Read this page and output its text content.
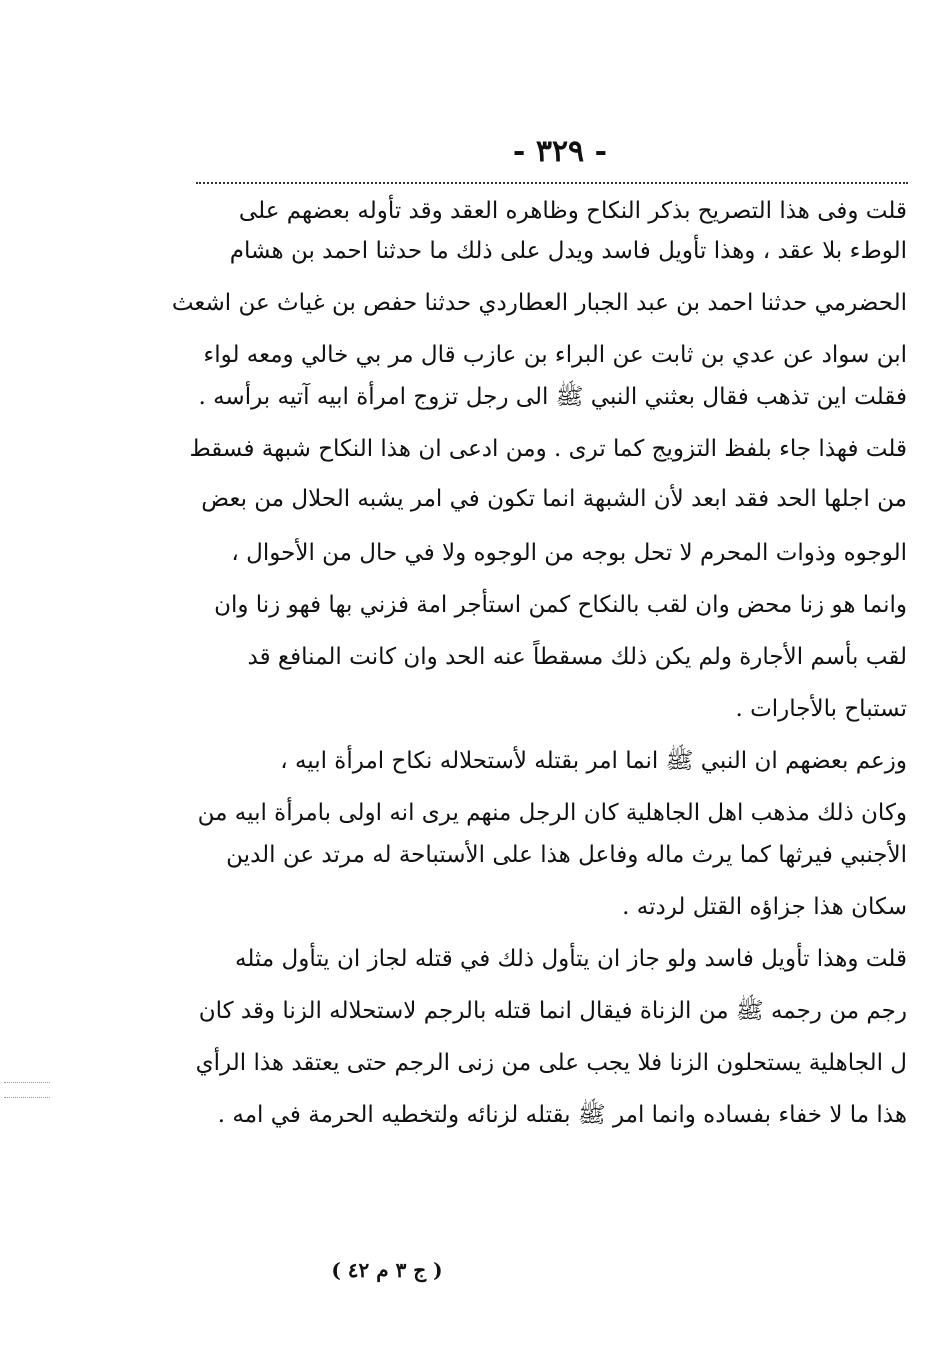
- ٣٢٩ -
قلت وفى هذا التصريح بذكر النكاح وظاهره العقد وقد تأوله بعضهم على
الوطء بلا عقد ، وهذا تأويل فاسد ويدل على ذلك ما حدثنا احمد بن هشام
الحضرمي حدثنا احمد بن عبد الجبار العطاردي حدثنا حفص بن غياث عن اشعث
ابن سواد عن عدي بن ثابت عن البراء بن عازب قال مر بي خالي ومعه لواء
فقلت اين تذهب فقال بعثني النبي ﷺ الى رجل تزوج امرأة ابيه آتيه برأسه .
قلت فهذا جاء بلفظ التزويج كما ترى . ومن ادعى ان هذا النكاح شبهة فسقط
من اجلها الحد فقد ابعد لأن الشبهة انما تكون في امر يشبه الحلال من بعض
الوجوه وذوات المحرم لا تحل بوجه من الوجوه ولا في حال من الأحوال ،
وانما هو زنا محض وان لقب بالنكاح كمن استأجر امة فزني بها فهو زنا وان
لقب بأسم الأجارة ولم يكن ذلك مسقطاً عنه الحد وان كانت المنافع قد
تستباح بالأجارات .
وزعم بعضهم ان النبي ﷺ انما امر بقتله لأستحلاله نكاح امرأة ابيه ،
وكان ذلك مذهب اهل الجاهلية كان الرجل منهم يرى انه اولى بامرأة ابيه من
الأجنبي فيرثها كما يرث ماله وفاعل هذا على الأستباحة له مرتد عن الدين
سكان هذا جزاؤه القتل لردته .
قلت وهذا تأويل فاسد ولو جاز ان يتأول ذلك في قتله لجاز ان يتأول مثله
رجم من رجمه ﷺ من الزناة فيقال انما قتله بالرجم لاستحلاله الزنا وقد كان
ل الجاهلية يستحلون الزنا فلا يجب على من زنى الرجم حتى يعتقد هذا الرأي
هذا ما لا خفاء بفساده وانما امر ﷺ بقتله لزنائه ولتخطيه الحرمة في امه .
( ج ٣ م ٤٢ )
